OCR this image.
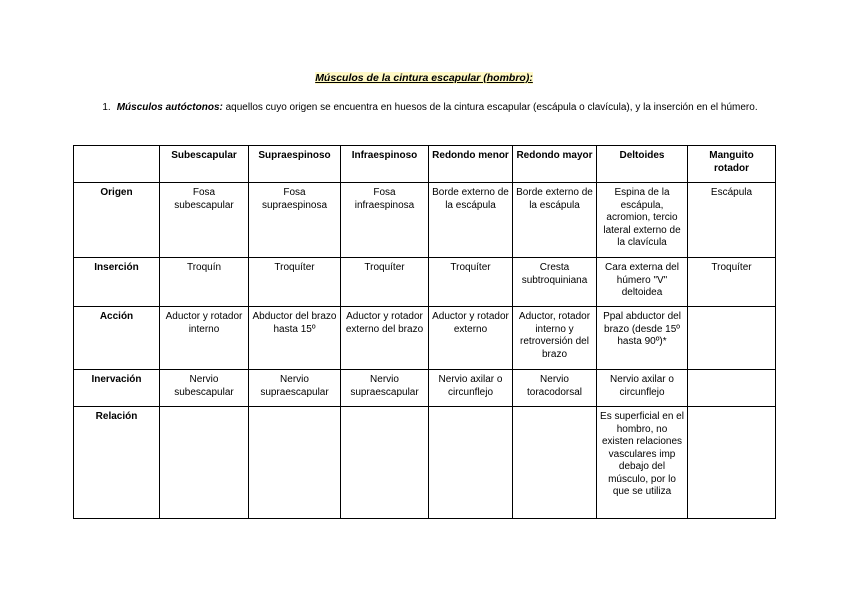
Músculos de la cintura escapular (hombro):
1. Músculos autóctonos: aquellos cuyo origen se encuentra en huesos de la cintura escapular (escápula o clavícula), y la inserción en el húmero.
	Subescapular	Supraespinoso	Infraespinoso	Redondo menor	Redondo mayor	Deltoides	Manguito rotador
Origen	Fosa subescapular	Fosa supraespinosa	Fosa infraespinosa	Borde externo de la escápula	Borde externo de la escápula	Espina de la escápula, acromion, tercio lateral externo de la clavícula	Escápula
Inserción	Troquín	Troquíter	Troquíter	Troquíter	Cresta subtroquiniana	Cara externa del húmero "V" deltoidea	Troquíter
Acción	Aductor y rotador interno	Abductor del brazo hasta 15º	Aductor y rotador externo del brazo	Aductor y rotador externo	Aductor, rotador interno y retroversión del brazo	Ppal abductor del brazo (desde 15º hasta 90º)*	
Inervación	Nervio subescapular	Nervio supraescapular	Nervio supraescapular	Nervio axilar o circunflejo	Nervio toracodorsal	Nervio axilar o circunflejo	
Relación						Es superficial en el hombro, no existen relaciones vasculares imp debajo del músculo, por lo que se utiliza	
